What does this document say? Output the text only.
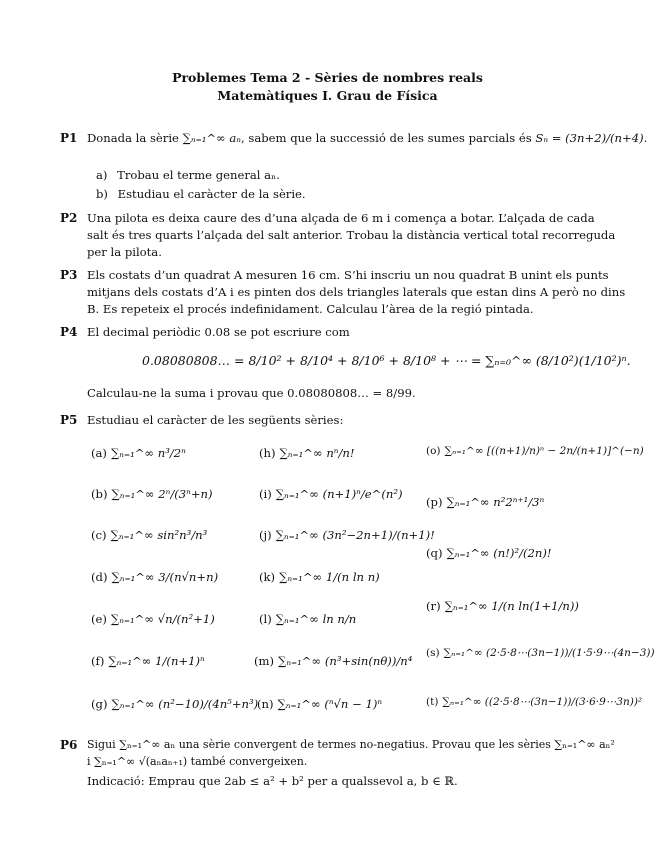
Problemes Tema 2 - Sèries de nombres reals
Matemàtiques I. Grau de Física
P1 Donada la sèrie ∑ₙ₌₁^∞ aₙ, sabem que la successió de les sumes parcials és Sₙ = (3n+2)/(n+4).
a) Trobau el terme general aₙ.
b) Estudiau el caràcter de la sèrie.
P2 Una pilota es deixa caure des d’una alçada de 6 m i comença a botar. L’alçada de cada
salt és tres quarts l’alçada del salt anterior. Trobau la distància vertical total recorreguda
per la pilota.
P3 Els costats d’un quadrat A mesuren 16 cm. S’hi inscriu un nou quadrat B unint els punts
mitjans dels costats d’A i es pinten dos dels triangles laterals que estan dins A però no dins
B. Es repeteix el procés indefinidament. Calculau l’àrea de la regió pintada.
P4 El decimal periòdic 0.08 se pot escriure com
0.08080808… = 8/10² + 8/10⁴ + 8/10⁶ + 8/10⁸ + ⋯ = ∑ₙ₌₀^∞ (8/10²)(1/10²)ⁿ.
Calculau-ne la suma i provau que 0.08080808… = 8/99.
P5 Estudiau el caràcter de les següents sèries:
(a) ∑ₙ₌₁^∞ n³/2ⁿ
(b) ∑ₙ₌₁^∞ 2ⁿ/(3ⁿ+n)
(c) ∑ₙ₌₁^∞ sin²n³/n³
(d) ∑ₙ₌₁^∞ 3/(n√n+n)
(e) ∑ₙ₌₁^∞ √n/(n²+1)
(f) ∑ₙ₌₁^∞ 1/(n+1)ⁿ
(g) ∑ₙ₌₁^∞ (n²−10)/(4n⁵+n³)
(h) ∑ₙ₌₁^∞ nⁿ/n!
(i) ∑ₙ₌₁^∞ (n+1)ⁿ/e^(n²)
(j) ∑ₙ₌₁^∞ (3n²−2n+1)/(n+1)!
(k) ∑ₙ₌₁^∞ 1/(n ln n)
(l) ∑ₙ₌₁^∞ ln n/n
(m) ∑ₙ₌₁^∞ (n³+sin(nθ))/n⁴
(n) ∑ₙ₌₁^∞ (ⁿ√n − 1)ⁿ
(o) ∑ₙ₌₁^∞ [((n+1)/n)ⁿ − 2n/(n+1)]^(−n)
(p) ∑ₙ₌₁^∞ n²2ⁿ⁺¹/3ⁿ
(q) ∑ₙ₌₁^∞ (n!)²/(2n)!
(r) ∑ₙ₌₁^∞ 1/(n ln(1+1/n))
(s) ∑ₙ₌₁^∞ (2·5·8⋯(3n−1))/(1·5·9⋯(4n−3))
(t) ∑ₙ₌₁^∞ ((2·5·8⋯(3n−1))/(3·6·9⋯3n))²
P6 Sigui ∑ₙ₌₁^∞ aₙ una sèrie convergent de termes no-negatius. Provau que les sèries ∑ₙ₌₁^∞ aₙ²
i ∑ₙ₌₁^∞ √(aₙaₙ₊₁) també convergeixen.
Indicació: Emprau que 2ab ≤ a² + b² per a qualssevol a, b ∈ ℝ.
